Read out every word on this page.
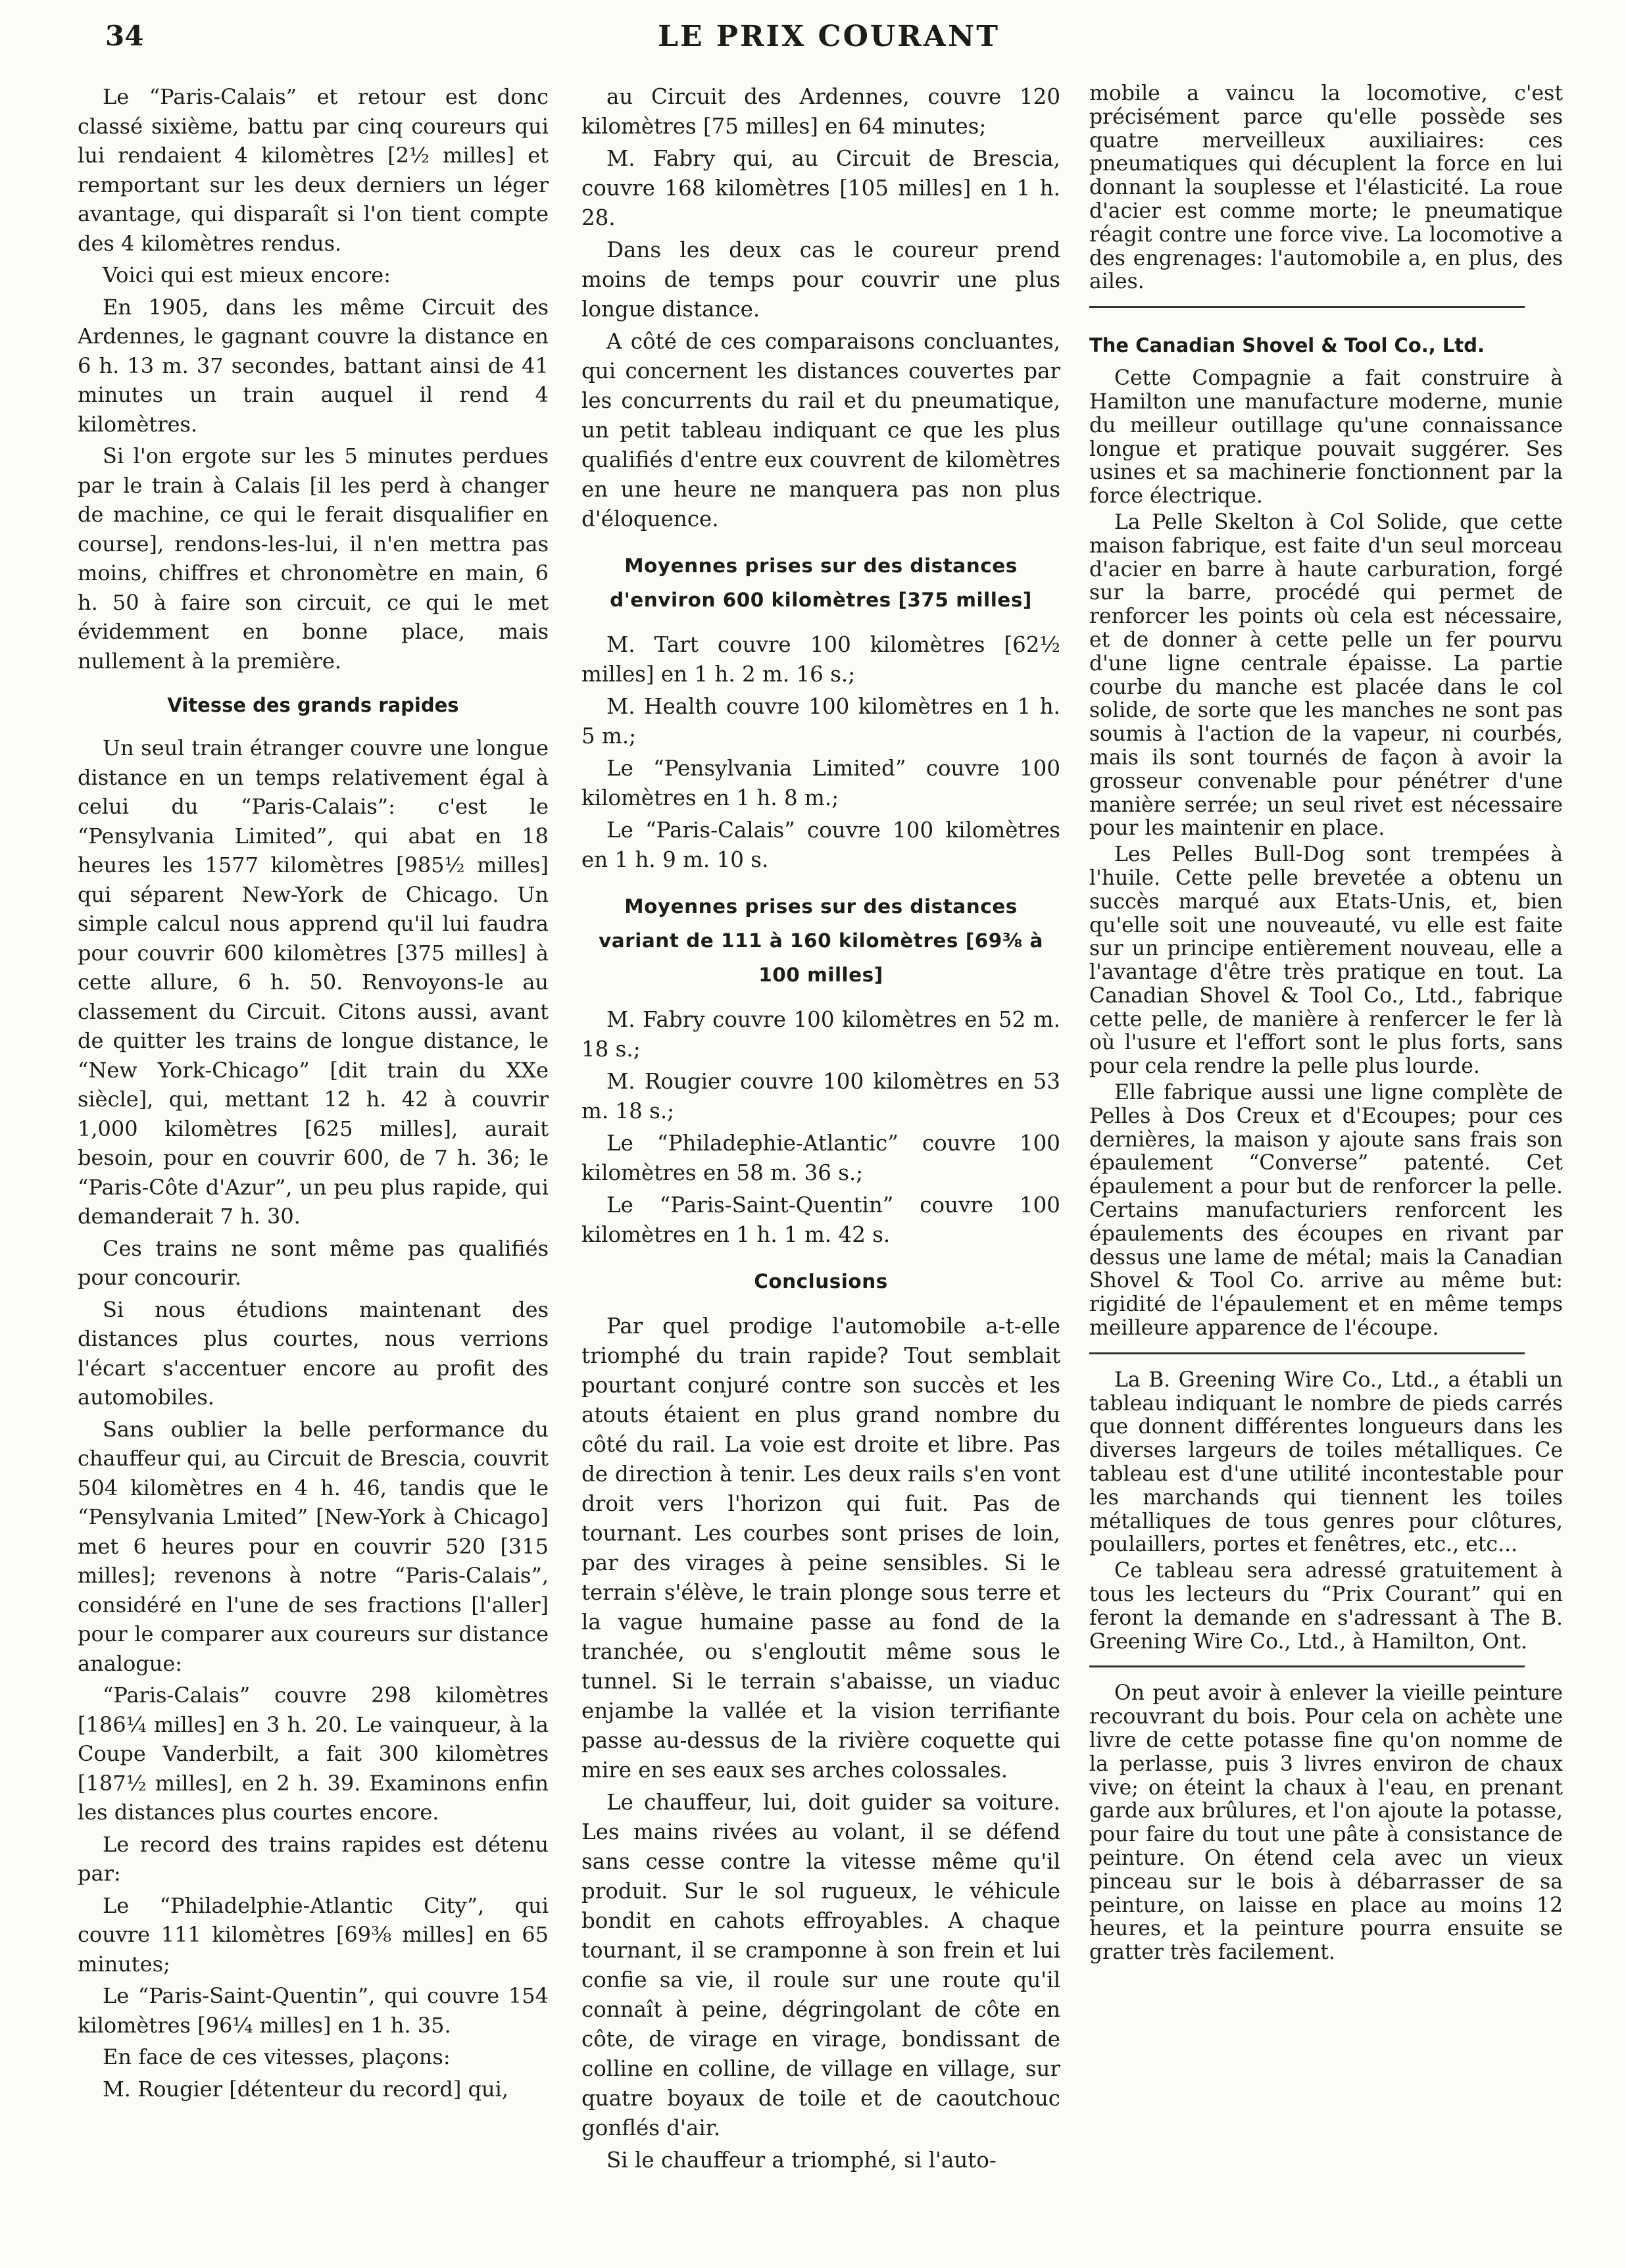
34	LE PRIX COURANT

Le “Paris-Calais” et retour est donc classé sixième, battu par cinq coureurs qui lui rendaient 4 kilomètres [2½ milles] et remportant sur les deux derniers un léger avantage, qui disparaît si l'on tient compte des 4 kilomètres rendus.

Voici qui est mieux encore:

En 1905, dans les même Circuit des Ardennes, le gagnant couvre la distance en 6 h. 13 m. 37 secondes, battant ainsi de 41 minutes un train auquel il rend 4 kilomètres.

Si l'on ergote sur les 5 minutes perdues par le train à Calais [il les perd à changer de machine, ce qui le ferait disqualifier en course], rendons-les-lui, il n'en mettra pas moins, chiffres et chronomètre en main, 6 h. 50 à faire son circuit, ce qui le met évidemment en bonne place, mais nullement à la première.

Vitesse des grands rapides

Un seul train étranger couvre une longue distance en un temps relativement égal à celui du “Paris-Calais”: c'est le “Pensylvania Limited”, qui abat en 18 heures les 1577 kilomètres [985½ milles] qui séparent New-York de Chicago. Un simple calcul nous apprend qu'il lui faudra pour couvrir 600 kilomètres [375 milles] à cette allure, 6 h. 50. Renvoyons-le au classement du Circuit. Citons aussi, avant de quitter les trains de longue distance, le “New York-Chicago” [dit train du XXe siècle], qui, mettant 12 h. 42 à couvrir 1,000 kilomètres [625 milles], aurait besoin, pour en couvrir 600, de 7 h. 36; le “Paris-Côte d'Azur”, un peu plus rapide, qui demanderait 7 h. 30.

Ces trains ne sont même pas qualifiés pour concourir.

Si nous étudions maintenant des distances plus courtes, nous verrions l'écart s'accentuer encore au profit des automobiles.

Sans oublier la belle performance du chauffeur qui, au Circuit de Brescia, couvrit 504 kilomètres en 4 h. 46, tandis que le “Pensylvania Lmited” [New-York à Chicago] met 6 heures pour en couvrir 520 [315 milles]; revenons à notre “Paris-Calais”, considéré en l'une de ses fractions [l'aller] pour le comparer aux coureurs sur distance analogue:

“Paris-Calais” couvre 298 kilomètres [186¼ milles] en 3 h. 20. Le vainqueur, à la Coupe Vanderbilt, a fait 300 kilomètres [187½ milles], en 2 h. 39. Examinons enfin les distances plus courtes encore.

Le record des trains rapides est détenu par:

Le “Philadelphie-Atlantic City”, qui couvre 111 kilomètres [69⅜ milles] en 65 minutes;

Le “Paris-Saint-Quentin”, qui couvre 154 kilomètres [96¼ milles] en 1 h. 35.

En face de ces vitesses, plaçons:

M. Rougier [détenteur du record] qui,

au Circuit des Ardennes, couvre 120 kilomètres [75 milles] en 64 minutes;

M. Fabry qui, au Circuit de Brescia, couvre 168 kilomètres [105 milles] en 1 h. 28.

Dans les deux cas le coureur prend moins de temps pour couvrir une plus longue distance.

A côté de ces comparaisons concluantes, qui concernent les distances couvertes par les concurrents du rail et du pneumatique, un petit tableau indiquant ce que les plus qualifiés d'entre eux couvrent de kilomètres en une heure ne manquera pas non plus d'éloquence.

Moyennes prises sur des distances d'environ 600 kilomètres [375 milles]

M. Tart couvre 100 kilomètres [62½ milles] en 1 h. 2 m. 16 s.;

M. Health couvre 100 kilomètres en 1 h. 5 m.;

Le “Pensylvania Limited” couvre 100 kilomètres en 1 h. 8 m.;

Le “Paris-Calais” couvre 100 kilomètres en 1 h. 9 m. 10 s.

Moyennes prises sur des distances variant de 111 à 160 kilomètres [69⅜ à 100 milles]

M. Fabry couvre 100 kilomètres en 52 m. 18 s.;

M. Rougier couvre 100 kilomètres en 53 m. 18 s.;

Le “Philadephie-Atlantic” couvre 100 kilomètres en 58 m. 36 s.;

Le “Paris-Saint-Quentin” couvre 100 kilomètres en 1 h. 1 m. 42 s.

Conclusions

Par quel prodige l'automobile a-t-elle triomphé du train rapide? Tout semblait pourtant conjuré contre son succès et les atouts étaient en plus grand nombre du côté du rail. La voie est droite et libre. Pas de direction à tenir. Les deux rails s'en vont droit vers l'horizon qui fuit. Pas de tournant. Les courbes sont prises de loin, par des virages à peine sensibles. Si le terrain s'élève, le train plonge sous terre et la vague humaine passe au fond de la tranchée, ou s'engloutit même sous le tunnel. Si le terrain s'abaisse, un viaduc enjambe la vallée et la vision terrifiante passe au-dessus de la rivière coquette qui mire en ses eaux ses arches colossales.

Le chauffeur, lui, doit guider sa voiture. Les mains rivées au volant, il se défend sans cesse contre la vitesse même qu'il produit. Sur le sol rugueux, le véhicule bondit en cahots effroyables. A chaque tournant, il se cramponne à son frein et lui confie sa vie, il roule sur une route qu'il connaît à peine, dégringolant de côte en côte, de virage en virage, bondissant de colline en colline, de village en village, sur quatre boyaux de toile et de caoutchouc gonflés d'air.

Si le chauffeur a triomphé, si l'auto-

mobile a vaincu la locomotive, c'est précisément parce qu'elle possède ses quatre merveilleux auxiliaires: ces pneumatiques qui décuplent la force en lui donnant la souplesse et l'élasticité. La roue d'acier est comme morte; le pneumatique réagit contre une force vive. La locomotive a des engrenages: l'automobile a, en plus, des ailes.

The Canadian Shovel & Tool Co., Ltd.

Cette Compagnie a fait construire à Hamilton une manufacture moderne, munie du meilleur outillage qu'une connaissance longue et pratique pouvait suggérer. Ses usines et sa machinerie fonctionnent par la force électrique.

La Pelle Skelton à Col Solide, que cette maison fabrique, est faite d'un seul morceau d'acier en barre à haute carburation, forgé sur la barre, procédé qui permet de renforcer les points où cela est nécessaire, et de donner à cette pelle un fer pourvu d'une ligne centrale épaisse. La partie courbe du manche est placée dans le col solide, de sorte que les manches ne sont pas soumis à l'action de la vapeur, ni courbés, mais ils sont tournés de façon à avoir la grosseur convenable pour pénétrer d'une manière serrée; un seul rivet est nécessaire pour les maintenir en place.

Les Pelles Bull-Dog sont trempées à l'huile. Cette pelle brevetée a obtenu un succès marqué aux Etats-Unis, et, bien qu'elle soit une nouveauté, vu elle est faite sur un principe entièrement nouveau, elle a l'avantage d'être très pratique en tout. La Canadian Shovel & Tool Co., Ltd., fabrique cette pelle, de manière à renfercer le fer là où l'usure et l'effort sont le plus forts, sans pour cela rendre la pelle plus lourde.

Elle fabrique aussi une ligne complète de Pelles à Dos Creux et d'Ecoupes; pour ces dernières, la maison y ajoute sans frais son épaulement “Converse” patenté. Cet épaulement a pour but de renforcer la pelle. Certains manufacturiers renforcent les épaulements des écoupes en rivant par dessus une lame de métal; mais la Canadian Shovel & Tool Co. arrive au même but: rigidité de l'épaulement et en même temps meilleure apparence de l'écoupe.

La B. Greening Wire Co., Ltd., a établi un tableau indiquant le nombre de pieds carrés que donnent différentes longueurs dans les diverses largeurs de toiles métalliques. Ce tableau est d'une utilité incontestable pour les marchands qui tiennent les toiles métalliques de tous genres pour clôtures, poulaillers, portes et fenêtres, etc., etc...

Ce tableau sera adressé gratuitement à tous les lecteurs du “Prix Courant” qui en feront la demande en s'adressant à The B. Greening Wire Co., Ltd., à Hamilton, Ont.

On peut avoir à enlever la vieille peinture recouvrant du bois. Pour cela on achète une livre de cette potasse fine qu'on nomme de la perlasse, puis 3 livres environ de chaux vive; on éteint la chaux à l'eau, en prenant garde aux brûlures, et l'on ajoute la potasse, pour faire du tout une pâte à consistance de peinture. On étend cela avec un vieux pinceau sur le bois à débarrasser de sa peinture, on laisse en place au moins 12 heures, et la peinture pourra ensuite se gratter très facilement.
